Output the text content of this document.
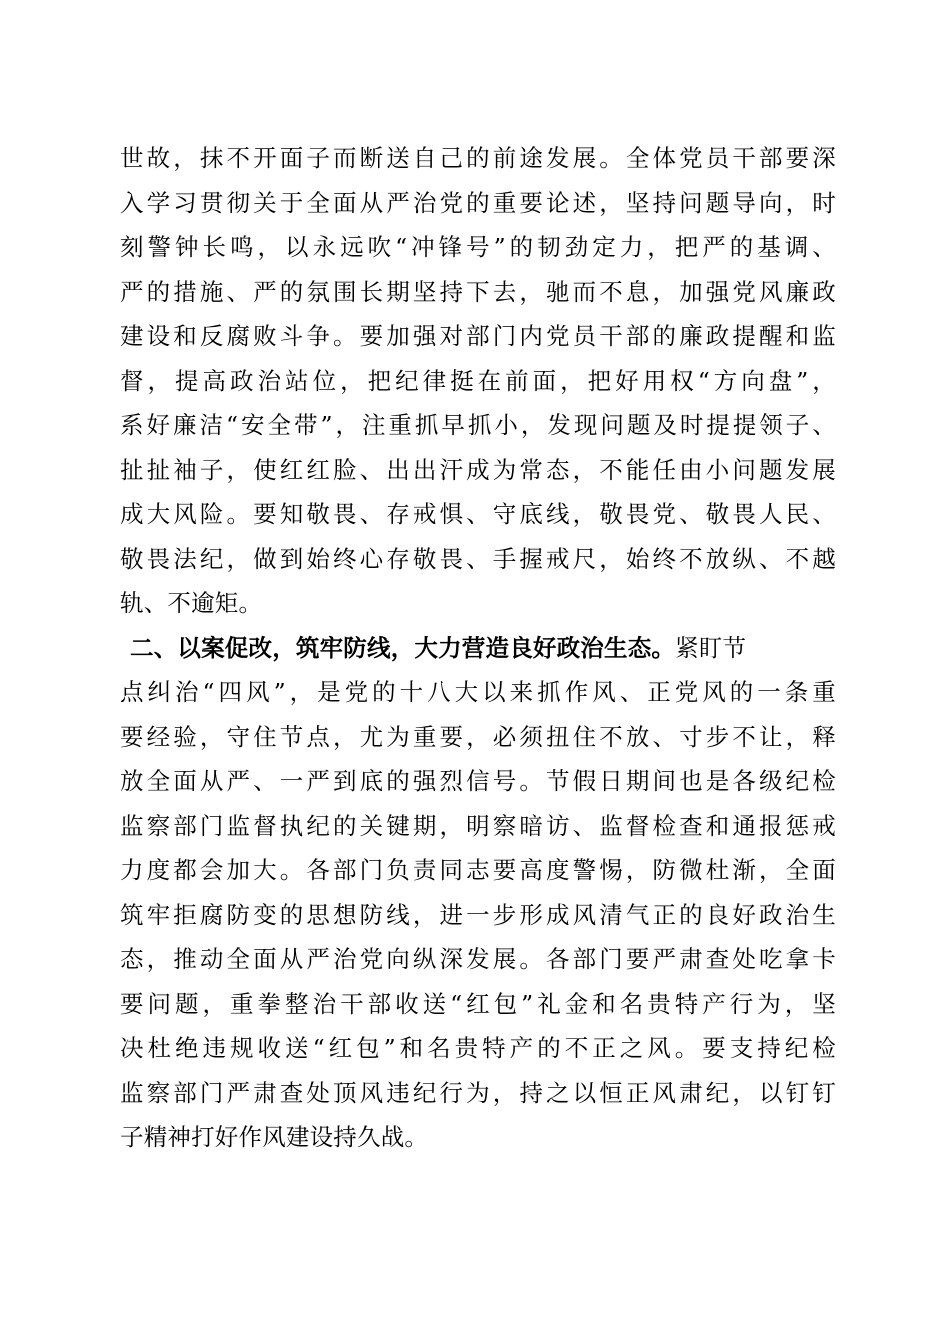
世故，抹不开面子而断送自己的前途发展。全体党员干部要深
入学习贯彻关于全面从严治党的重要论述，坚持问题导向，时
刻警钟长鸣，以永远吹“冲锋号”的韧劲定力，把严的基调、
严的措施、严的氛围长期坚持下去，驰而不息，加强党风廉政
建设和反腐败斗争。要加强对部门内党员干部的廉政提醒和监
督，提高政治站位，把纪律挺在前面，把好用权“方向盘”，
系好廉洁“安全带”，注重抓早抓小，发现问题及时提提领子、
扯扯袖子，使红红脸、出出汗成为常态，不能任由小问题发展
成大风险。要知敬畏、存戒惧、守底线，敬畏党、敬畏人民、
敬畏法纪，做到始终心存敬畏、手握戒尺，始终不放纵、不越
轨、不逾矩。
二、以案促改，筑牢防线，大力营造良好政治生态。紧盯节
点纠治“四风”，是党的十八大以来抓作风、正党风的一条重
要经验，守住节点，尤为重要，必须扭住不放、寸步不让，释
放全面从严、一严到底的强烈信号。节假日期间也是各级纪检
监察部门监督执纪的关键期，明察暗访、监督检查和通报惩戒
力度都会加大。各部门负责同志要高度警惕，防微杜渐，全面
筑牢拒腐防变的思想防线，进一步形成风清气正的良好政治生
态，推动全面从严治党向纵深发展。各部门要严肃查处吃拿卡
要问题，重拳整治干部收送“红包”礼金和名贵特产行为，坚
决杜绝违规收送“红包”和名贵特产的不正之风。要支持纪检
监察部门严肃查处顶风违纪行为，持之以恒正风肃纪，以钉钉
子精神打好作风建设持久战。
